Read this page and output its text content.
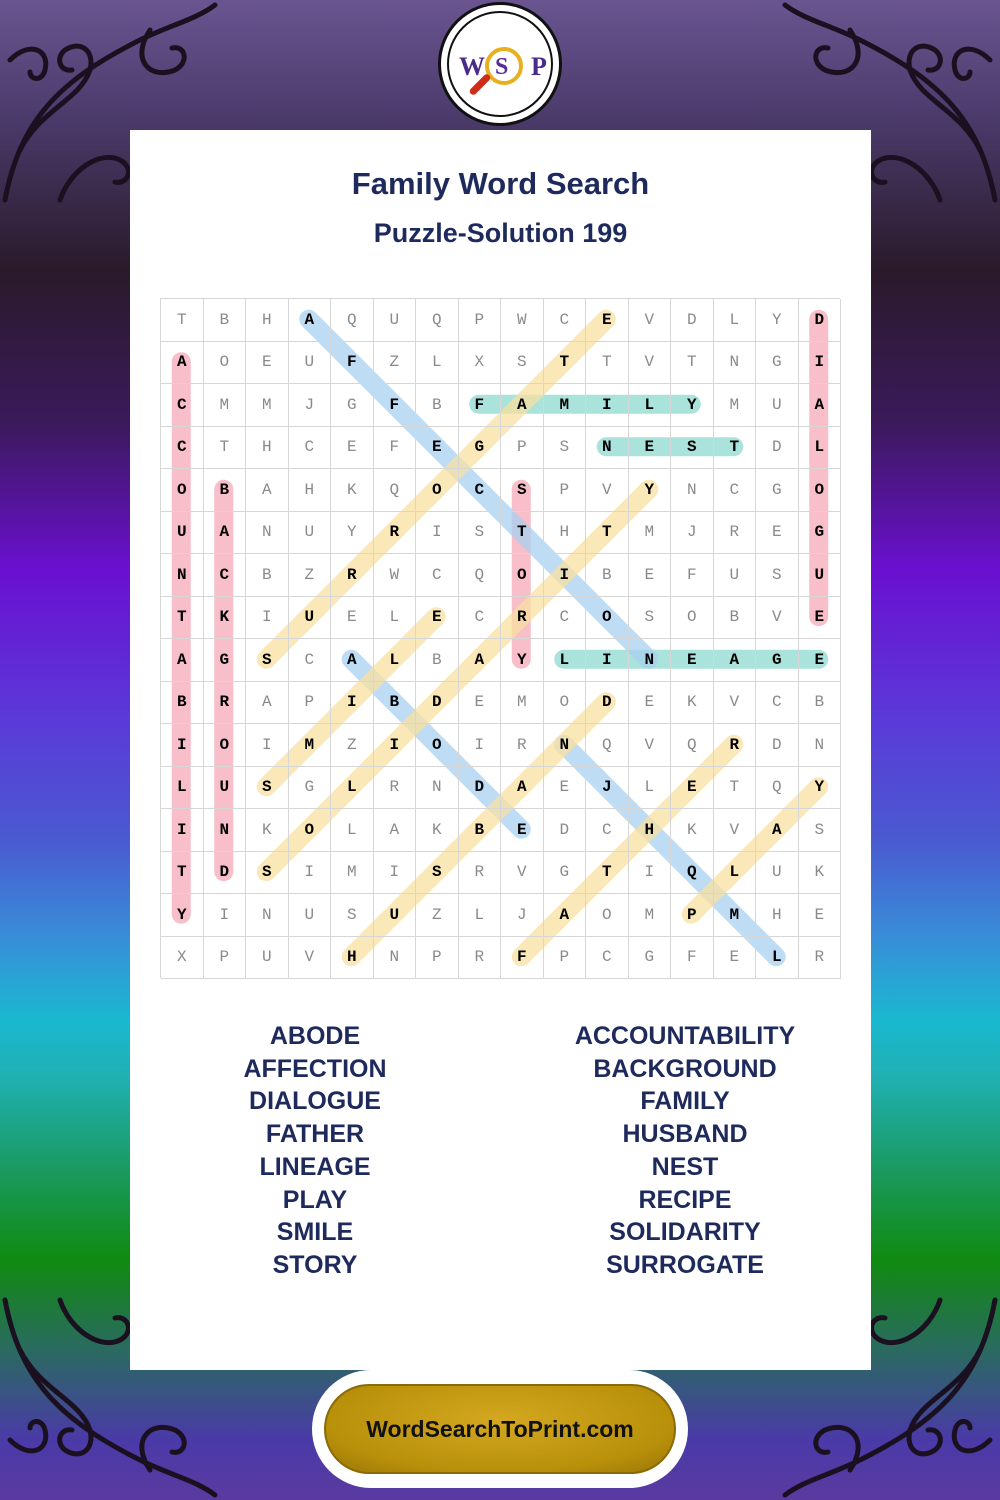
W S P
Family Word Search
Puzzle-Solution 199
T	B	H	A	Q	U	Q	P	W	C	E	V	D	L	Y	D
A	O	E	U	F	Z	L	X	S	T	T	V	T	N	G	I
C	M	M	J	G	F	B	F	A	M	I	L	Y	M	U	A
C	T	H	C	E	F	E	G	P	S	N	E	S	T	D	L
O	B	A	H	K	Q	O	C	S	P	V	Y	N	C	G	O
U	A	N	U	Y	R	I	S	T	H	T	M	J	R	E	G
N	C	B	Z	R	W	C	Q	O	I	B	E	F	U	S	U
T	K	I	U	E	L	E	C	R	C	O	S	O	B	V	E
A	G	S	C	A	L	B	A	Y	L	I	N	E	A	G	E
B	R	A	P	I	B	D	E	M	O	D	E	K	V	C	B
I	O	I	M	Z	I	O	I	R	N	Q	V	Q	R	D	N
L	U	S	G	L	R	N	D	A	E	J	L	E	T	Q	Y
I	N	K	O	L	A	K	B	E	D	C	H	K	V	A	S
T	D	S	I	M	I	S	R	V	G	T	I	Q	L	U	K
Y	I	N	U	S	U	Z	L	J	A	O	M	P	M	H	E
X	P	U	V	H	N	P	R	F	P	C	G	F	E	L	R
ABODE
AFFECTION
DIALOGUE
FATHER
LINEAGE
PLAY
SMILE
STORY
ACCOUNTABILITY
BACKGROUND
FAMILY
HUSBAND
NEST
RECIPE
SOLIDARITY
SURROGATE
WordSearchToPrint.com
